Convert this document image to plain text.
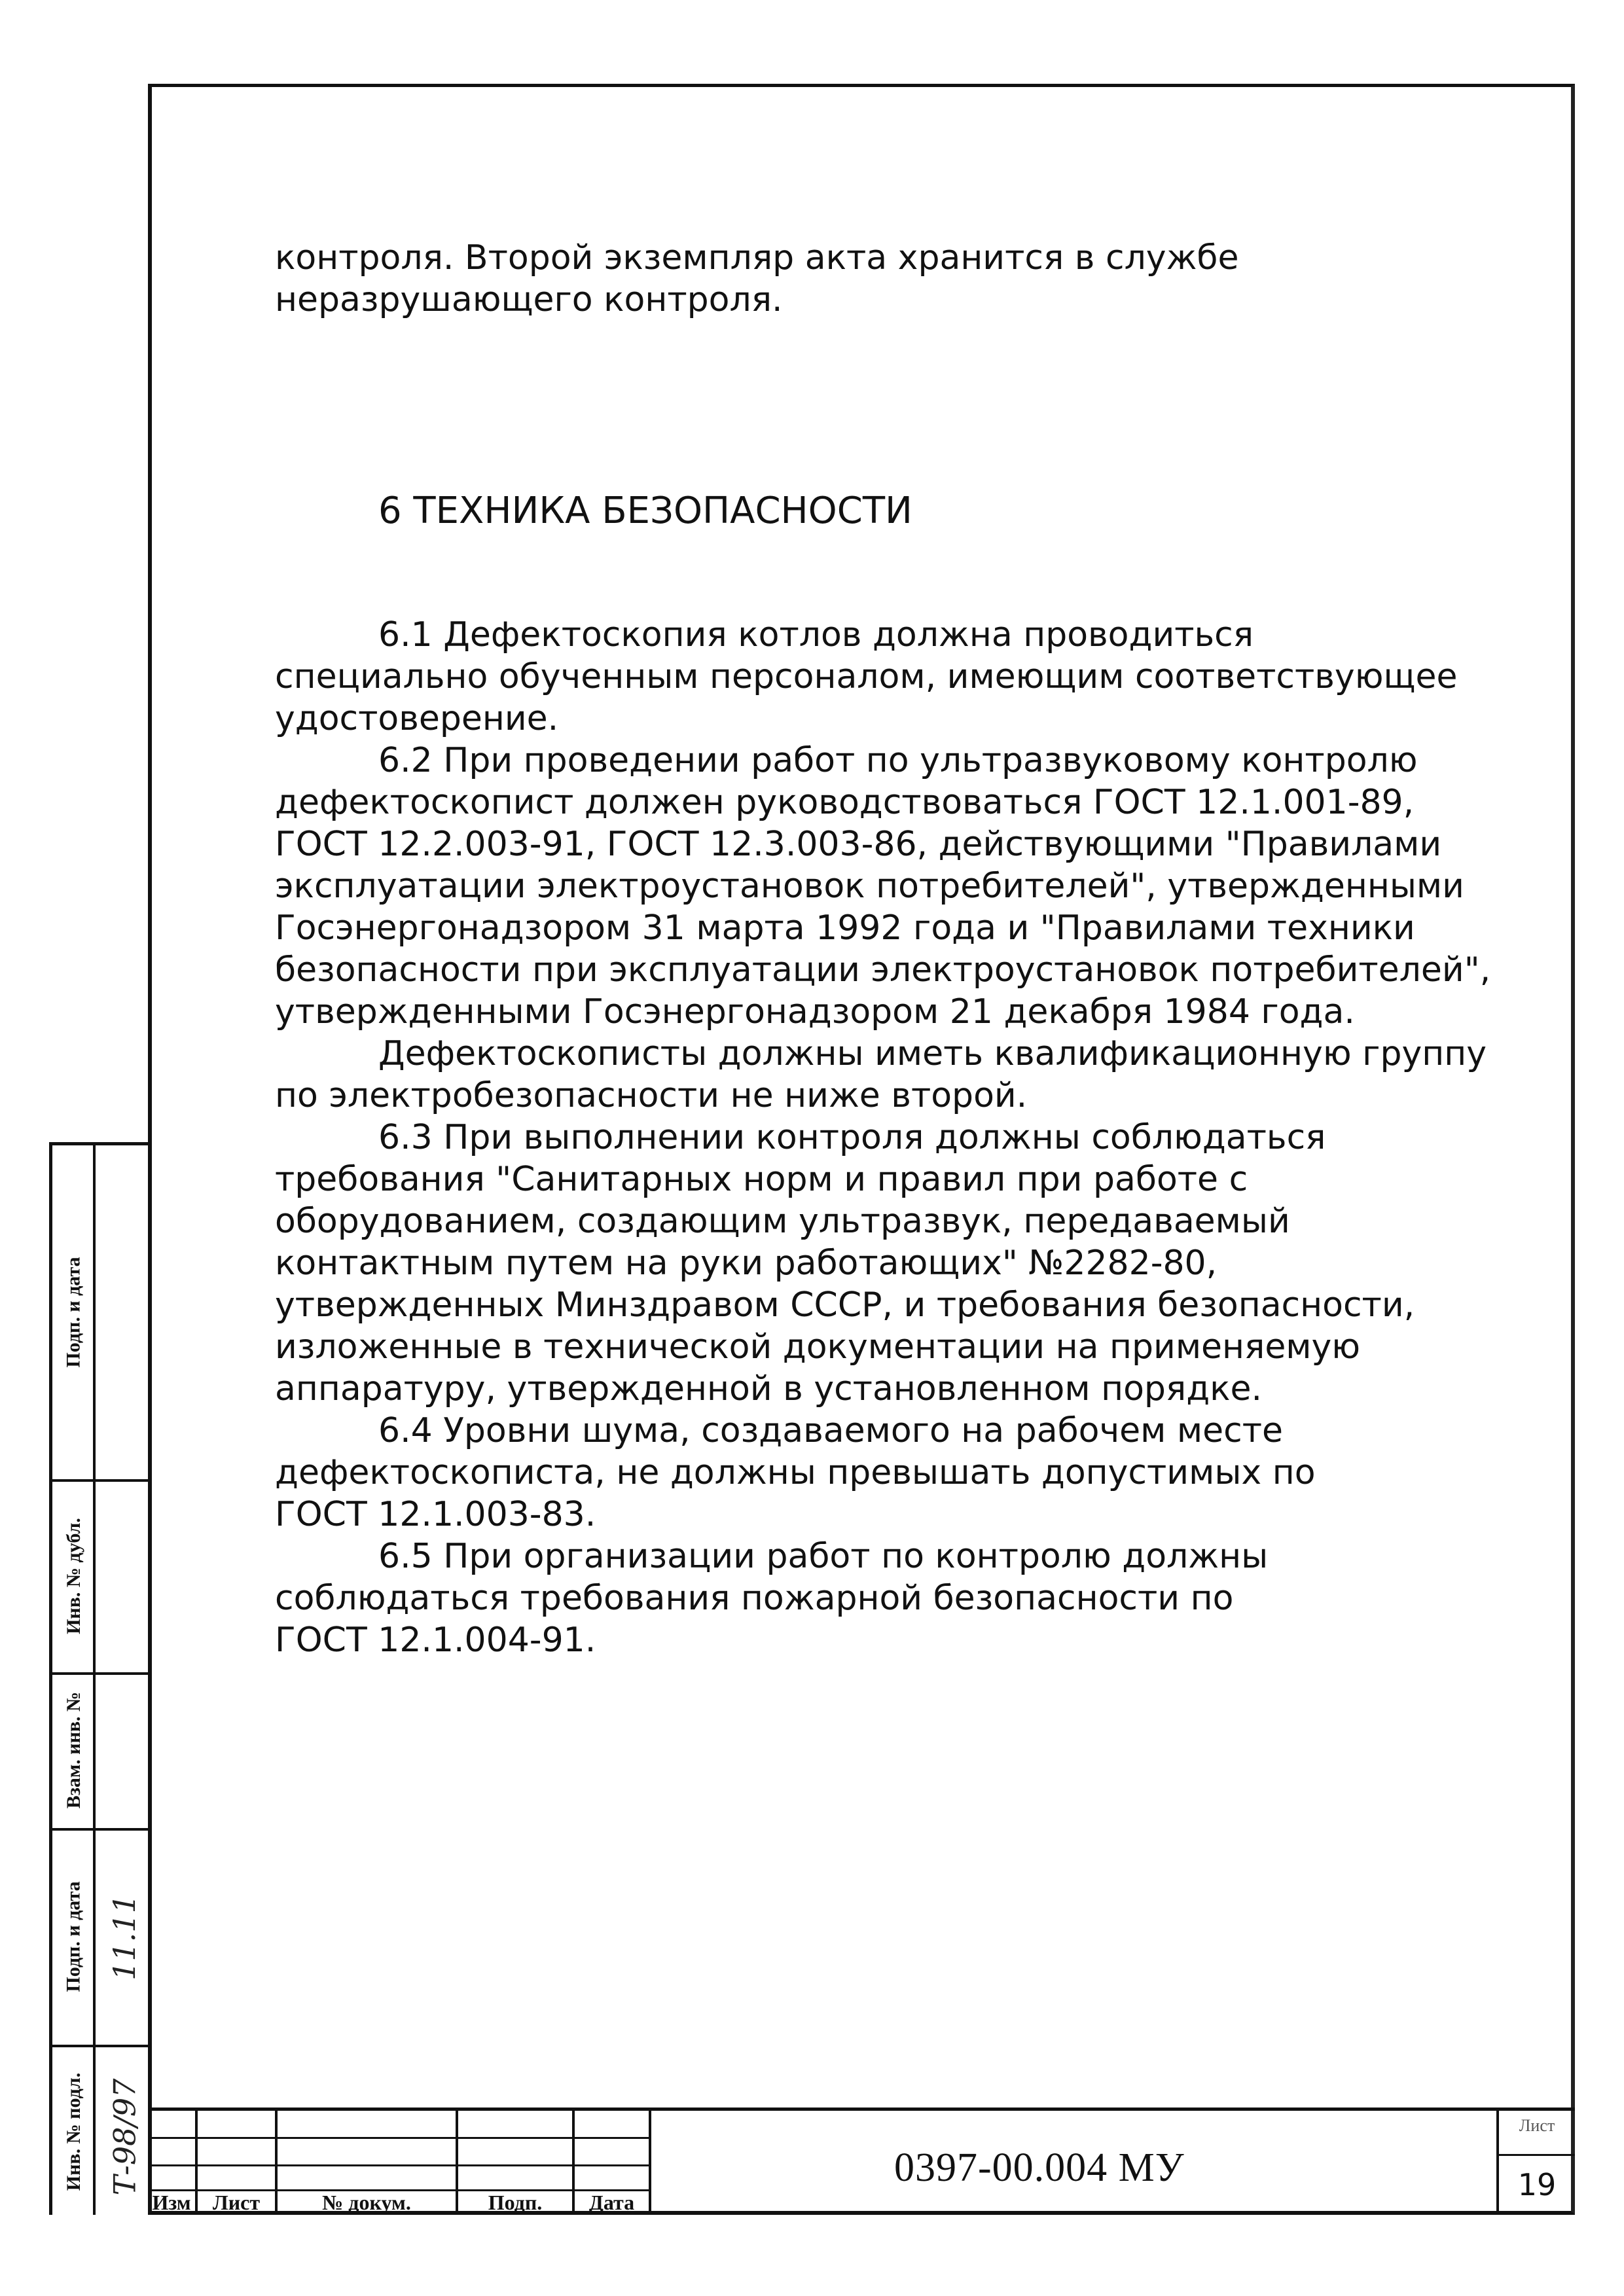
контроля. Второй экземпляр акта хранится в службе
неразрушающего контроля.
6 ТЕХНИКА БЕЗОПАСНОСТИ
6.1 Дефектоскопия котлов должна проводиться
специально обученным персоналом, имеющим соответствующее
удостоверение.
6.2 При проведении работ по ультразвуковому контролю
дефектоскопист должен руководствоваться ГОСТ 12.1.001-89,
ГОСТ 12.2.003-91, ГОСТ 12.3.003-86, действующими "Правилами
эксплуатации электроустановок потребителей", утвержденными
Госэнергонадзором 31 марта 1992 года и "Правилами техники
безопасности при эксплуатации электроустановок потребителей",
утвержденными Госэнергонадзором 21 декабря 1984 года.
Дефектоскописты должны иметь квалификационную группу
по электробезопасности не ниже второй.
6.3 При выполнении контроля должны соблюдаться
требования "Санитарных норм и правил при работе с
оборудованием, создающим ультразвук, передаваемый
контактным путем на руки работающих" №2282-80,
утвержденных Минздравом СССР, и требования безопасности,
изложенные в технической документации на применяемую
аппаратуру, утвержденной в установленном порядке.
6.4 Уровни шума, создаваемого на рабочем месте
дефектоскописта, не должны превышать допустимых по
ГОСТ 12.1.003-83.
6.5 При организации работ по контролю должны
соблюдаться требования пожарной безопасности по
ГОСТ 12.1.004-91.
Подп. и дата
Инв. № дубл.
Взам. инв. №
Подп. и дата
Инв. № подл. Т-98/97
11.11
Изм	Лист	№ докум.	Подп.	Дата
0397-00.004 МУ
Лист
19
